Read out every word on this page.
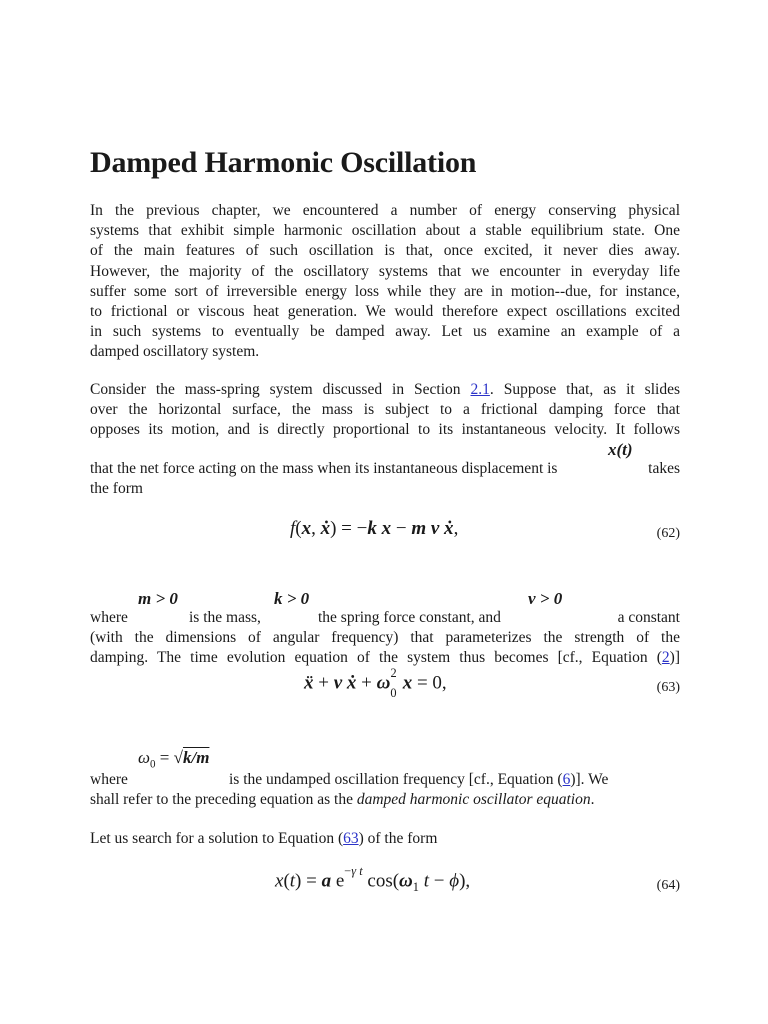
Damped Harmonic Oscillation
In the previous chapter, we encountered a number of energy conserving physical
systems that exhibit simple harmonic oscillation about a stable equilibrium state. One
of the main features of such oscillation is that, once excited, it never dies away.
However, the majority of the oscillatory systems that we encounter in everyday life
suffer some sort of irreversible energy loss while they are in motion--due, for instance,
to frictional or viscous heat generation. We would therefore expect oscillations excited
in such systems to eventually be damped away. Let us examine an example of a
damped oscillatory system.
Consider the mass-spring system discussed in Section 2.1. Suppose that, as it slides
over the horizontal surface, the mass is subject to a frictional damping force that
opposes its motion, and is directly proportional to its instantaneous velocity. It follows
x(t)
that the net force acting on the mass when its instantaneous displacement is	takes
the form
f(x, ẋ) = −k x − m ν ẋ,	(62)
m > 0	k > 0	ν > 0
where	is the mass,	the spring force constant, and	a constant
(with the dimensions of angular frequency) that parameterizes the strength of the
damping. The time evolution equation of the system thus becomes [cf., Equation (2)]
ẍ + ν ẋ + $\omega_0^2$ x = 0,	(63)
$\omega_0 = √k/m$
where	is the undamped oscillation frequency [cf., Equation (6)]. We
shall refer to the preceding equation as the damped harmonic oscillator equation.
Let us search for a solution to Equation (63) of the form
x(t) = a $e^{-\gamma t}$ $\cos(\omega_1$ t − ϕ),	(64)
